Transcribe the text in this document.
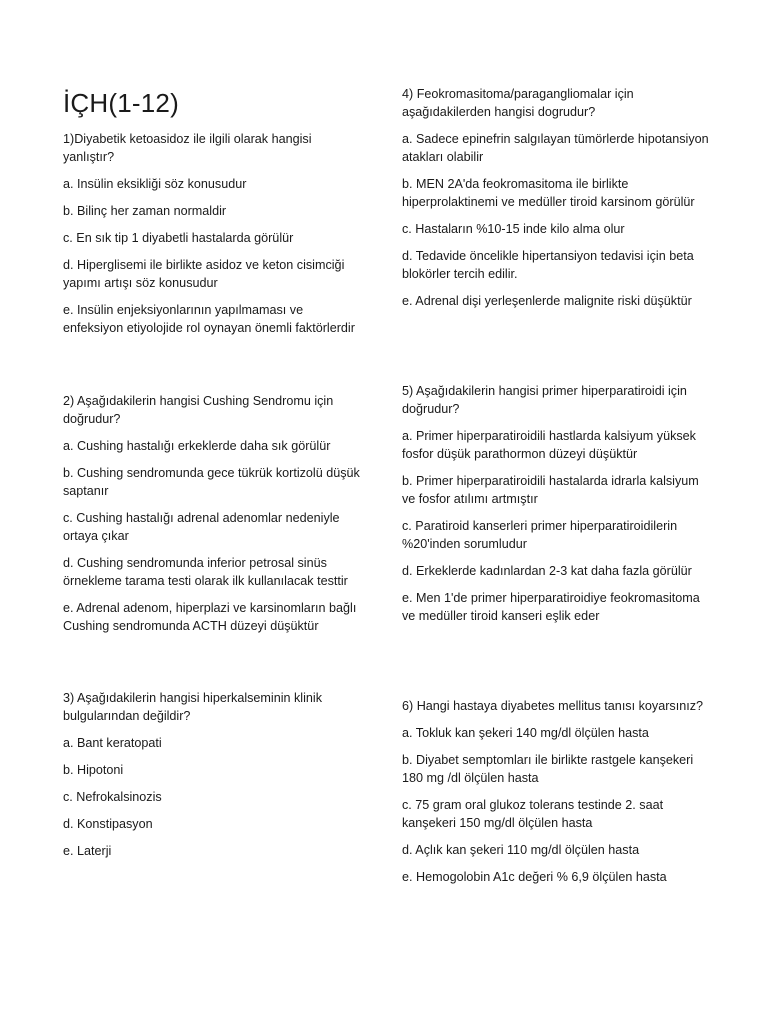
İÇH(1-12)

1)Diyabetik ketoasidoz ile ilgili olarak hangisi yanlıştır?

a. Insülin eksikliği söz konusudur

b. Bilinç her zaman normaldir

c. En sık tip 1 diyabetli hastalarda görülür

d. Hiperglisemi ile birlikte asidoz ve keton cisimciği yapımı artışı söz konusudur

e. Insülin enjeksiyonlarının yapılmaması ve enfeksiyon etiyolojide rol oynayan önemli faktörlerdir

2) Aşağıdakilerin hangisi Cushing Sendromu için doğrudur?

a. Cushing hastalığı erkeklerde daha sık görülür

b. Cushing sendromunda gece tükrük kortizolü düşük saptanır

c. Cushing hastalığı adrenal adenomlar nedeniyle ortaya çıkar

d. Cushing sendromunda inferior petrosal sinüs örnekleme tarama testi olarak ilk kullanılacak testtir

e. Adrenal adenom, hiperplazi ve karsinomların bağlı Cushing sendromunda ACTH düzeyi düşüktür

3) Aşağıdakilerin hangisi hiperkalseminin klinik bulgularından değildir?

a. Bant keratopati

b. Hipotoni

c. Nefrokalsinozis

d. Konstipasyon

e. Laterji

4) Feokromasitoma/paragangliomalar için aşağıdakilerden hangisi dogrudur?

a. Sadece epinefrin salgılayan tümörlerde hipotansiyon atakları olabilir

b. MEN 2A'da feokromasitoma ile birlikte hiperprolaktinemi ve medüller tiroid karsinom görülür

c. Hastaların %10-15 inde kilo alma olur

d. Tedavide öncelikle hipertansiyon tedavisi için beta blokörler tercih edilir.

e. Adrenal dişi yerleşenlerde malignite riski düşüktür

5) Aşağıdakilerin hangisi primer hiperparatiroidi için doğrudur?

a. Primer hiperparatiroidili hastlarda kalsiyum yüksek fosfor düşük parathormon düzeyi düşüktür

b. Primer hiperparatiroidili hastalarda idrarla kalsiyum ve fosfor atılımı artmıştır

c. Paratiroid kanserleri primer hiperparatiroidilerin %20'inden sorumludur

d. Erkeklerde kadınlardan 2-3 kat daha fazla görülür

e. Men 1'de primer hiperparatiroidiye feokromasitoma ve medüller tiroid kanseri eşlik eder

6) Hangi hastaya diyabetes mellitus tanısı koyarsınız?

a. Tokluk kan şekeri 140 mg/dl ölçülen hasta

b. Diyabet semptomları ile birlikte rastgele kanşekeri 180 mg /dl ölçülen hasta

c. 75 gram oral glukoz tolerans testinde 2. saat kanşekeri 150 mg/dl ölçülen hasta

d. Açlık kan şekeri 110 mg/dl ölçülen hasta

e. Hemogolobin A1c değeri % 6,9 ölçülen hasta
